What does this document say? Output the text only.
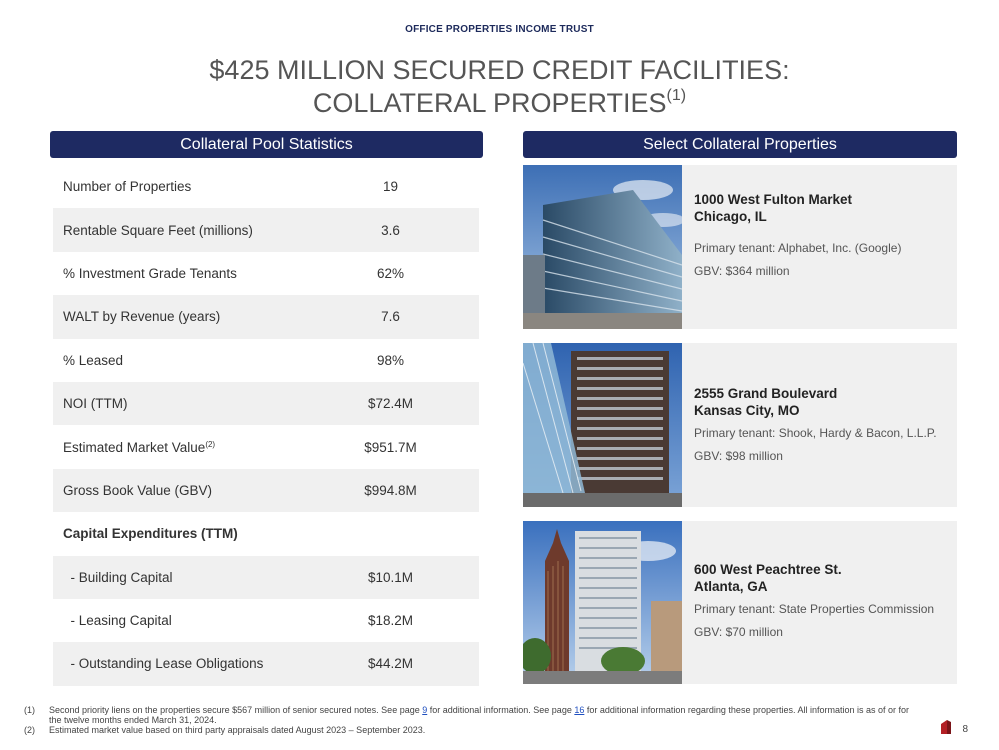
OFFICE PROPERTIES INCOME TRUST
$425 MILLION SECURED CREDIT FACILITIES:
COLLATERAL PROPERTIES$^{(1)}$
Collateral Pool Statistics	Select Collateral Properties
Number of Properties	19
Rentable Square Feet (millions)	3.6
% Investment Grade Tenants	62%
WALT by Revenue (years)	7.6
% Leased	98%
NOI (TTM)	$72.4M
Estimated Market Value$^{(2)}$	$951.7M
Gross Book Value (GBV)	$994.8M
Capital Expenditures (TTM)
- Building Capital	$10.1M
- Leasing Capital	$18.2M
- Outstanding Lease Obligations	$44.2M
1000 West Fulton Market
Chicago, IL
Primary tenant: Alphabet, Inc. (Google)
GBV: $364 million
2555 Grand Boulevard
Kansas City, MO
Primary tenant: Shook, Hardy & Bacon, L.L.P.
GBV: $98 million
600 West Peachtree St.
Atlanta, GA
Primary tenant: State Properties Commission
GBV: $70 million
(1)	Second priority liens on the properties secure $567 million of senior secured notes. See page 9 for additional information. See page 16 for additional information regarding these properties. All information is as of or for the twelve months ended March 31, 2024.
(2)	Estimated market value based on third party appraisals dated August 2023 – September 2023.	8
